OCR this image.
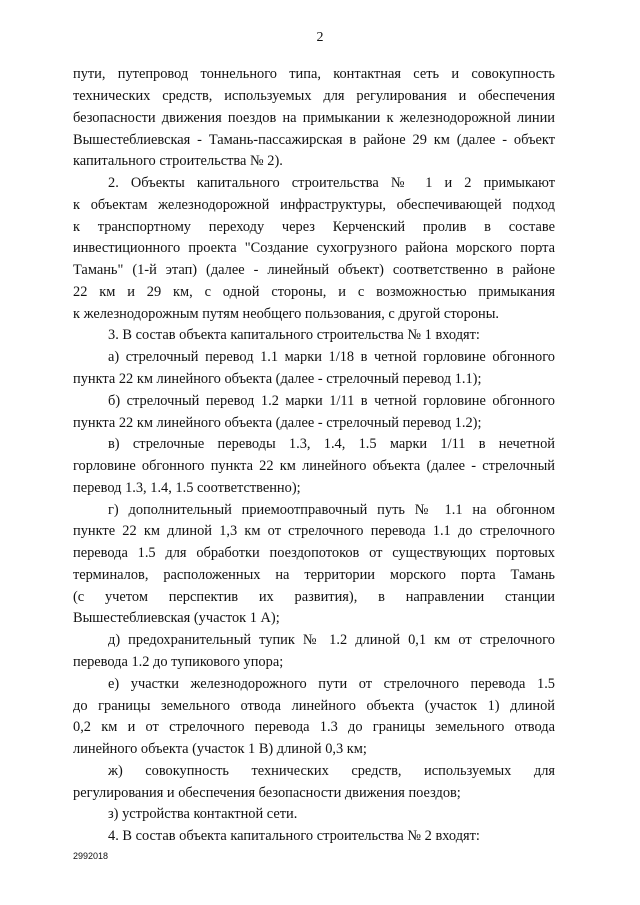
2
пути, путепровод тоннельного типа, контактная сеть и совокупность
технических средств, используемых для регулирования и обеспечения
безопасности движения поездов на примыкании к железнодорожной линии
Вышестеблиевская - Тамань-пассажирская в районе 29 км (далее - объект
капитального строительства № 2).
2. Объекты капитального строительства № 1 и 2 примыкают
к объектам железнодорожной инфраструктуры, обеспечивающей подход
к транспортному переходу через Керченский пролив в составе
инвестиционного проекта "Создание сухогрузного района морского порта
Тамань" (1-й этап) (далее - линейный объект) соответственно в районе
22 км и 29 км, с одной стороны, и с возможностью примыкания
к железнодорожным путям необщего пользования, с другой стороны.
3. В состав объекта капитального строительства № 1 входят:
а) стрелочный перевод 1.1 марки 1/18 в четной горловине обгонного
пункта 22 км линейного объекта (далее - стрелочный перевод 1.1);
б) стрелочный перевод 1.2 марки 1/11 в четной горловине обгонного
пункта 22 км линейного объекта (далее - стрелочный перевод 1.2);
в) стрелочные переводы 1.3, 1.4, 1.5 марки 1/11 в нечетной
горловине обгонного пункта 22 км линейного объекта (далее - стрелочный
перевод 1.3, 1.4, 1.5 соответственно);
г) дополнительный приемоотправочный путь № 1.1 на обгонном
пункте 22 км длиной 1,3 км от стрелочного перевода 1.1 до стрелочного
перевода 1.5 для обработки поездопотоков от существующих портовых
терминалов, расположенных на территории морского порта Тамань
(с учетом перспектив их развития), в направлении станции
Вышестеблиевская (участок 1 А);
д) предохранительный тупик № 1.2 длиной 0,1 км от стрелочного
перевода 1.2 до тупикового упора;
е) участки железнодорожного пути от стрелочного перевода 1.5
до границы земельного отвода линейного объекта (участок 1) длиной
0,2 км и от стрелочного перевода 1.3 до границы земельного отвода
линейного объекта (участок 1 В) длиной 0,3 км;
ж) совокупность технических средств, используемых для
регулирования и обеспечения безопасности движения поездов;
з) устройства контактной сети.
4. В состав объекта капитального строительства № 2 входят:
2992018
